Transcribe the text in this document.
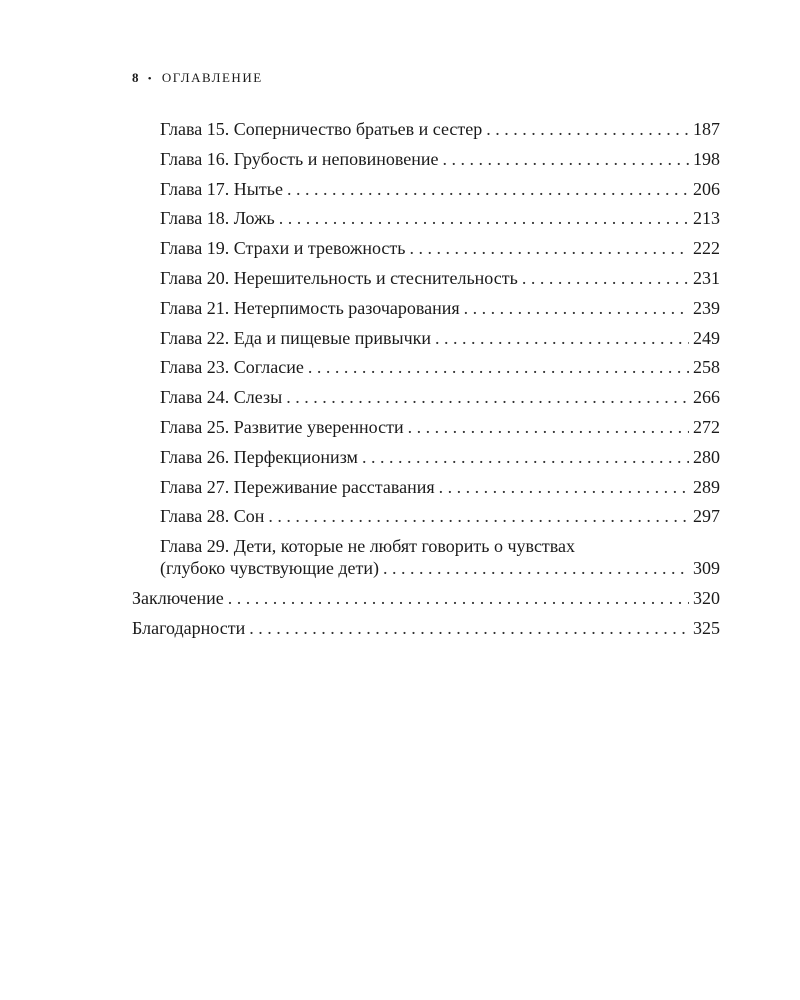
8 • ОГЛАВЛЕНИЕ
Глава 15. Соперничество братьев и сестер . . .	187
Глава 16. Грубость и неповиновение . . .	198
Глава 17. Нытье . . .	206
Глава 18. Ложь . . .	213
Глава 19. Страхи и тревожность . . .	222
Глава 20. Нерешительность и стеснительность . . .	231
Глава 21. Нетерпимость разочарования . . .	239
Глава 22. Еда и пищевые привычки . . .	249
Глава 23. Согласие . . .	258
Глава 24. Слезы . . .	266
Глава 25. Развитие уверенности . . .	272
Глава 26. Перфекционизм . . .	280
Глава 27. Переживание расставания . . .	289
Глава 28. Сон . . .	297
Глава 29. Дети, которые не любят говорить о чувствах
(глубоко чувствующие дети) . . .	309
Заключение . . .	320
Благодарности . . .	325
